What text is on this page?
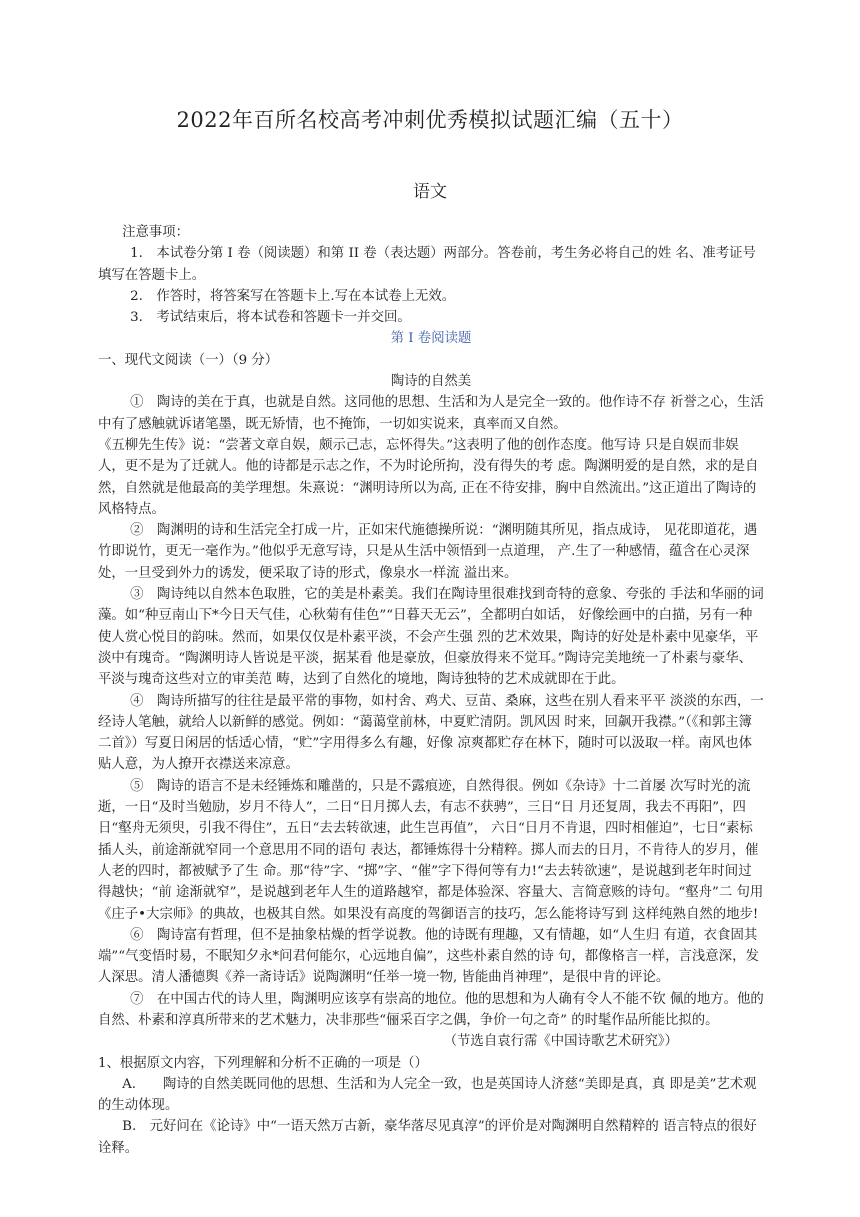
2022年百所名校高考冲刺优秀模拟试题汇编（五十）
语文

注意事项：

1.　本试卷分第 I 卷（阅读题）和第 II 卷（表达题）两部分。答卷前，考生务必将自己的姓 名、准考证号填写在答题卡上。

2.　作答时，将答案写在答题卡上.写在本试卷上无效。

3.　考试结束后，将本试卷和答题卡一并交回。

第 I 卷阅读题

一、现代文阅读（一）（9 分）

陶诗的自然美

①　陶诗的美在于真，也就是自然。这同他的思想、生活和为人是完全一致的。他作诗不存 祈誉之心，生活中有了感触就诉诸笔墨，既无矫情，也不掩饰，一切如实说来，真率而又自然。

《五柳先生传》说：“尝著文章自娱，颇示己志，忘怀得失。”这表明了他的创作态度。他写诗 只是自娱而非娱人，更不是为了迁就人。他的诗都是示志之作，不为时论所拘，没有得失的考 虑。陶渊明爱的是自然，求的是自然，自然就是他最高的美学理想。朱熹说：“渊明诗所以为高, 正在不待安排，胸中自然流出。”这正道出了陶诗的风格特点。

②　陶渊明的诗和生活完全打成一片，正如宋代施德操所说：“渊明随其所见，指点成诗， 见花即道花，遇竹即说竹，更无一毫作为。”他似乎无意写诗，只是从生活中领悟到一点道理， 产.生了一种感情，蕴含在心灵深处，一旦受到外力的诱发，便采取了诗的形式，像泉水一样流 溢出来。

③　陶诗纯以自然本色取胜，它的美是朴素美。我们在陶诗里很难找到奇特的意象、夸张的 手法和华丽的词藻。如“种豆南山下*今日天气佳，心秋菊有佳色”“日暮天无云”，全都明白如话， 好像绘画中的白描，另有一种使人赏心悦目的韵味。然而，如果仅仅是朴素平淡，不会产生强 烈的艺术效果，陶诗的好处是朴素中见豪华，平淡中有瑰奇。“陶渊明诗人皆说是平淡，据某看 他是豪放，但豪放得来不觉耳。”陶诗完美地统一了朴素与豪华、平淡与瑰奇这些对立的审美范 畴，达到了自然化的境地，陶诗独特的艺术成就即在于此。

④　陶诗所描写的往往是最平常的事物，如村舍、鸡犬、豆苗、桑麻，这些在别人看来平平 淡淡的东西，一经诗人笔触，就给人以新鲜的感觉。例如：“蔼蔼堂前林，中夏贮清阴。凯风因 时来，回飙开我襟。”（《和郭主簿二首》）写夏日闲居的恬适心情，“贮”字用得多么有趣，好像 凉爽都贮存在林下，随时可以汲取一样。南风也体贴人意，为人撩开衣襟送来凉意。

⑤　陶诗的语言不是未经锤炼和雕凿的，只是不露痕迹，自然得很。例如《杂诗》十二首屡 次写时光的流逝，一日“及时当勉励，岁月不待人”，二日“日月掷人去，有志不获骋”，三日“日 月还复周，我去不再阳”，四日“壑舟无须臾，引我不得住”，五日“去去转欲速，此生岂再值”， 六日“日月不肯退，四时相催迫”，七日“素标插人头，前途渐就窄同一个意思用不同的语句 表达，都锤炼得十分精粹。掷人而去的日月，不肯待人的岁月，催人老的四时，都被赋予了生 命。那“待”字、“掷”字、“催”字下得何等有力!“去去转欲速”，是说越到老年时间过得越快；“前 途渐就窄”，是说越到老年人生的道路越窄，都是体验深、容量大、言简意赅的诗句。“壑舟”二 句用《庄子•大宗师》的典故，也极其自然。如果没有高度的驾御语言的技巧，怎么能将诗写到 这样纯熟自然的地步!

⑥　陶诗富有哲理，但不是抽象枯燥的哲学说教。他的诗既有理趣，又有情趣，如“人生归 有道，衣食固其端”“气变悟时易，不眠知夕永*问君何能尔，心远地自偏”，这些朴素自然的诗 句，都像格言一样，言浅意深，发人深思。清人潘德舆《养一斋诗话》说陶渊明“任举一境一物, 皆能曲肖神理”，是很中肯的评论。

⑦　在中国古代的诗人里，陶渊明应该享有崇高的地位。他的思想和为人确有令人不能不钦 佩的地方。他的自然、朴素和淳真所带来的艺术魅力，决非那些“俪采百字之偶，争价一句之奇” 的时髦作品所能比拟的。

（节选自袁行霈《中国诗歌艺术研究》）

1、根据原文内容，下列理解和分析不正确的一项是（）

A.　　陶诗的自然美既同他的思想、生活和为人完全一致，也是英国诗人济慈“美即是真，真 即是美”艺术观的生动体现。

B.　元好问在《论诗》中“一语天然万古新，豪华落尽见真淳”的评价是对陶渊明自然精粹的 语言特点的很好诠释。
